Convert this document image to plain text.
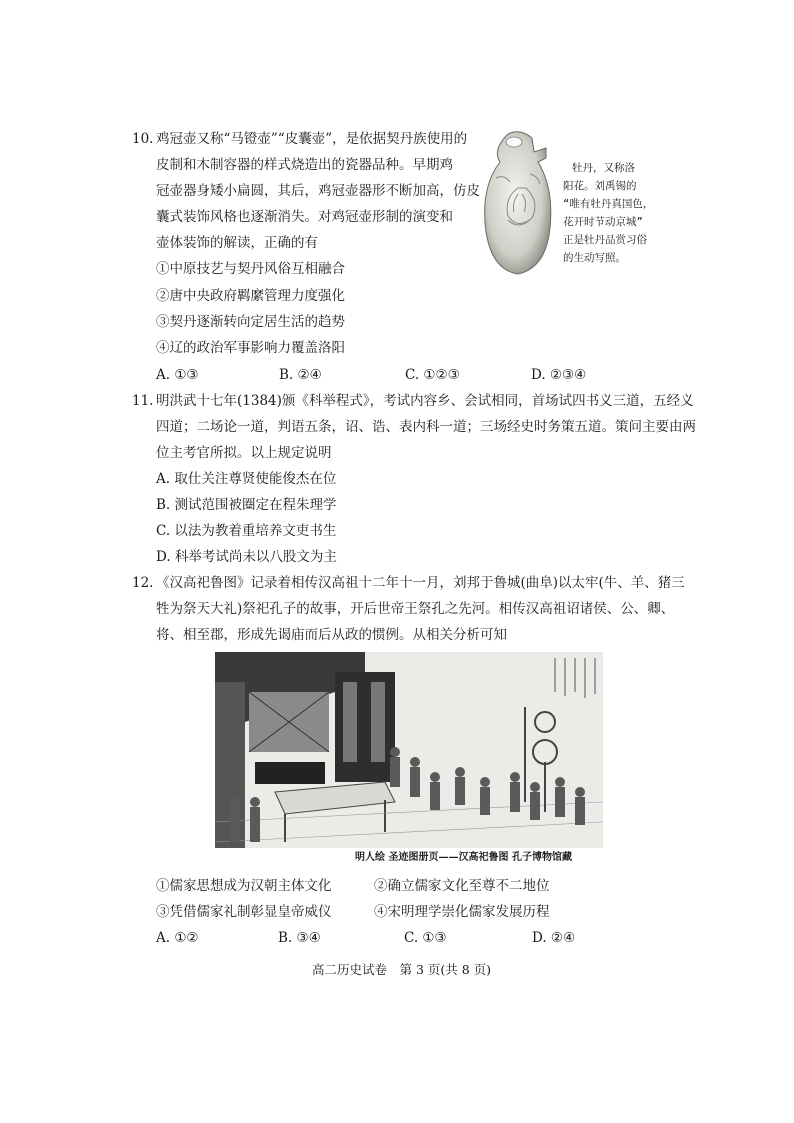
10. 鸡冠壶又称“马镫壶”“皮囊壶”，是依据契丹族使用的
皮制和木制容器的样式烧造出的瓷器品种。早期鸡
冠壶器身矮小扁圆，其后，鸡冠壶器形不断加高，仿皮
囊式装饰风格也逐渐消失。对鸡冠壶形制的演变和
壶体装饰的解读，正确的有
①中原技艺与契丹风俗互相融合
②唐中央政府羁縻管理力度强化
③契丹逐渐转向定居生活的趋势
④辽的政治军事影响力覆盖洛阳
牡丹，又称洛
阳花。刘禹锡的
“唯有牡丹真国色，
花开时节动京城”
正是牡丹品赏习俗
的生动写照。
A. ①③	B. ②④	C. ①②③	D. ②③④
11. 明洪武十七年(1384)颁《科举程式》，考试内容乡、会试相同，首场试四书义三道，五经义
四道；二场论一道，判语五条，诏、诰、表内科一道；三场经史时务策五道。策问主要由两
位主考官所拟。以上规定说明
A. 取仕关注尊贤使能俊杰在位
B. 测试范围被圈定在程朱理学
C. 以法为教着重培养文吏书生
D. 科举考试尚未以八股文为主
12. 《汉高祀鲁图》记录着相传汉高祖十二年十一月，刘邦于鲁城(曲阜)以太牢(牛、羊、猪三
牲为祭天大礼)祭祀孔子的故事，开后世帝王祭孔之先河。相传汉高祖诏诸侯、公、卿、
将、相至郡，形成先谒庙而后从政的惯例。从相关分析可知
明人绘 圣迹图册页——汉高祀鲁图 孔子博物馆藏
①儒家思想成为汉朝主体文化	②确立儒家文化至尊不二地位
③凭借儒家礼制彰显皇帝威仪	④宋明理学崇化儒家发展历程
A. ①②	B. ③④	C. ①③	D. ②④
高二历史试卷　第 3 页(共 8 页)
